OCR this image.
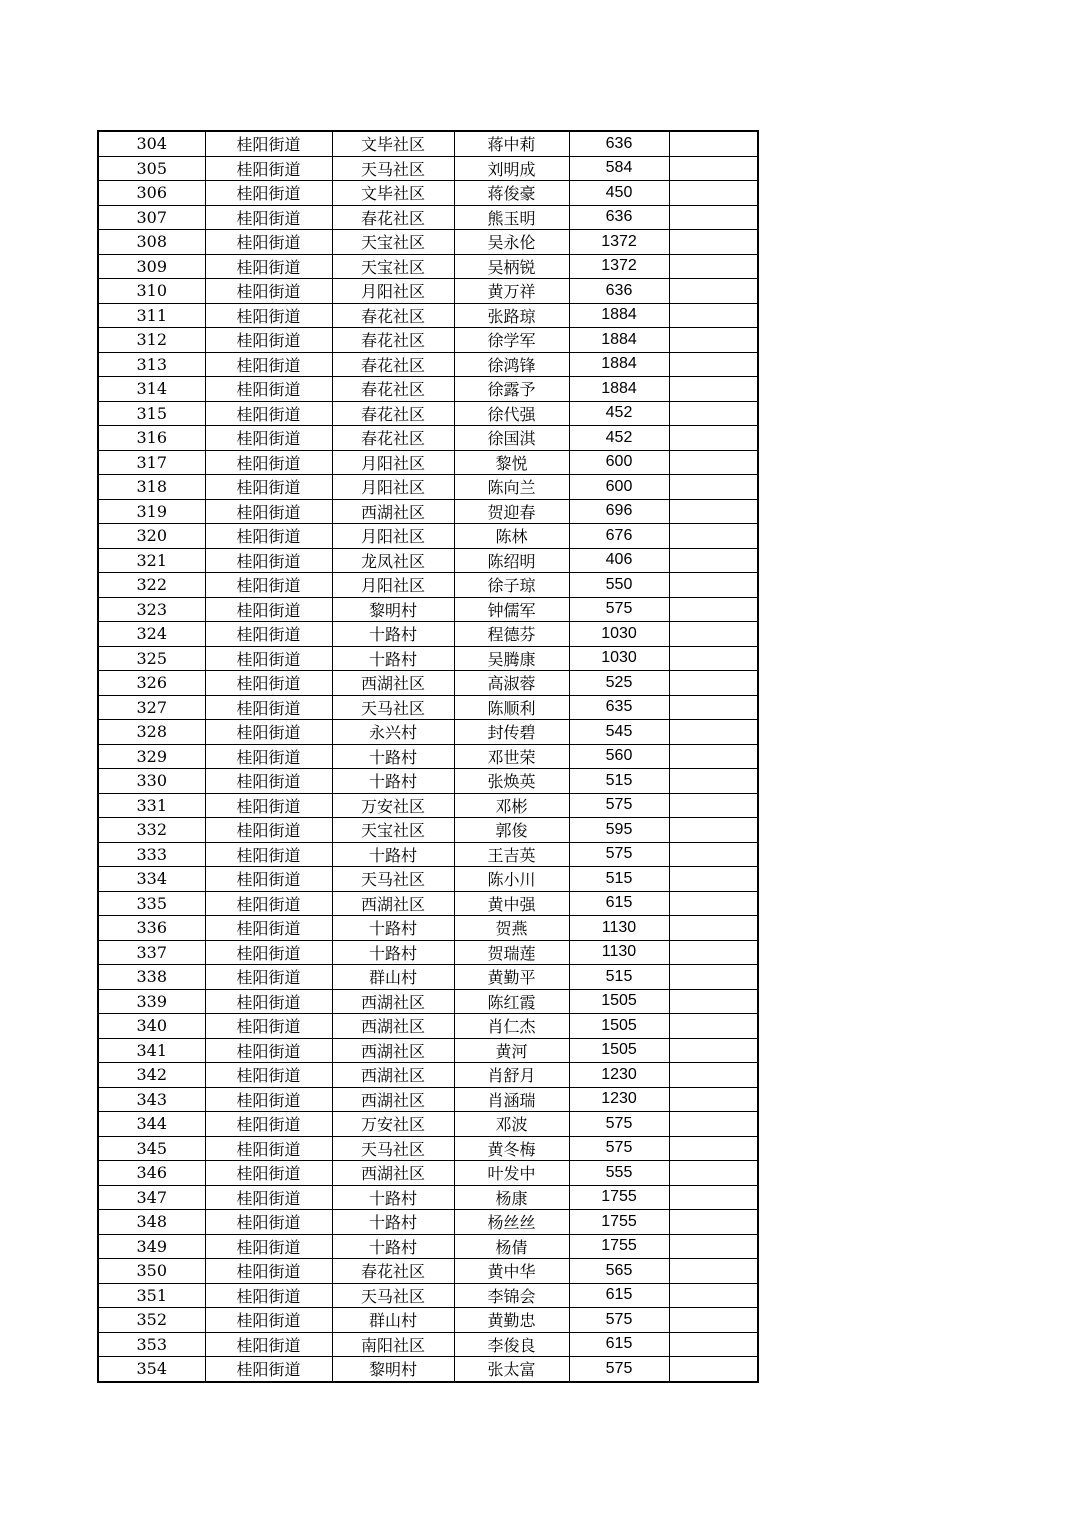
304	桂阳街道	文毕社区	蒋中莉	636	
305	桂阳街道	天马社区	刘明成	584	
306	桂阳街道	文毕社区	蒋俊豪	450	
307	桂阳街道	春花社区	熊玉明	636	
308	桂阳街道	天宝社区	吴永伦	1372	
309	桂阳街道	天宝社区	吴柄锐	1372	
310	桂阳街道	月阳社区	黄万祥	636	
311	桂阳街道	春花社区	张路琼	1884	
312	桂阳街道	春花社区	徐学军	1884	
313	桂阳街道	春花社区	徐鸿锋	1884	
314	桂阳街道	春花社区	徐露予	1884	
315	桂阳街道	春花社区	徐代强	452	
316	桂阳街道	春花社区	徐国淇	452	
317	桂阳街道	月阳社区	黎悦	600	
318	桂阳街道	月阳社区	陈向兰	600	
319	桂阳街道	西湖社区	贺迎春	696	
320	桂阳街道	月阳社区	陈林	676	
321	桂阳街道	龙凤社区	陈绍明	406	
322	桂阳街道	月阳社区	徐子琼	550	
323	桂阳街道	黎明村	钟儒军	575	
324	桂阳街道	十路村	程德芬	1030	
325	桂阳街道	十路村	吴腾康	1030	
326	桂阳街道	西湖社区	高淑蓉	525	
327	桂阳街道	天马社区	陈顺利	635	
328	桂阳街道	永兴村	封传碧	545	
329	桂阳街道	十路村	邓世荣	560	
330	桂阳街道	十路村	张焕英	515	
331	桂阳街道	万安社区	邓彬	575	
332	桂阳街道	天宝社区	郭俊	595	
333	桂阳街道	十路村	王吉英	575	
334	桂阳街道	天马社区	陈小川	515	
335	桂阳街道	西湖社区	黄中强	615	
336	桂阳街道	十路村	贺燕	1130	
337	桂阳街道	十路村	贺瑞莲	1130	
338	桂阳街道	群山村	黄勤平	515	
339	桂阳街道	西湖社区	陈红霞	1505	
340	桂阳街道	西湖社区	肖仁杰	1505	
341	桂阳街道	西湖社区	黄河	1505	
342	桂阳街道	西湖社区	肖舒月	1230	
343	桂阳街道	西湖社区	肖涵瑞	1230	
344	桂阳街道	万安社区	邓波	575	
345	桂阳街道	天马社区	黄冬梅	575	
346	桂阳街道	西湖社区	叶发中	555	
347	桂阳街道	十路村	杨康	1755	
348	桂阳街道	十路村	杨丝丝	1755	
349	桂阳街道	十路村	杨倩	1755	
350	桂阳街道	春花社区	黄中华	565	
351	桂阳街道	天马社区	李锦会	615	
352	桂阳街道	群山村	黄勤忠	575	
353	桂阳街道	南阳社区	李俊良	615	
354	桂阳街道	黎明村	张太富	575	
